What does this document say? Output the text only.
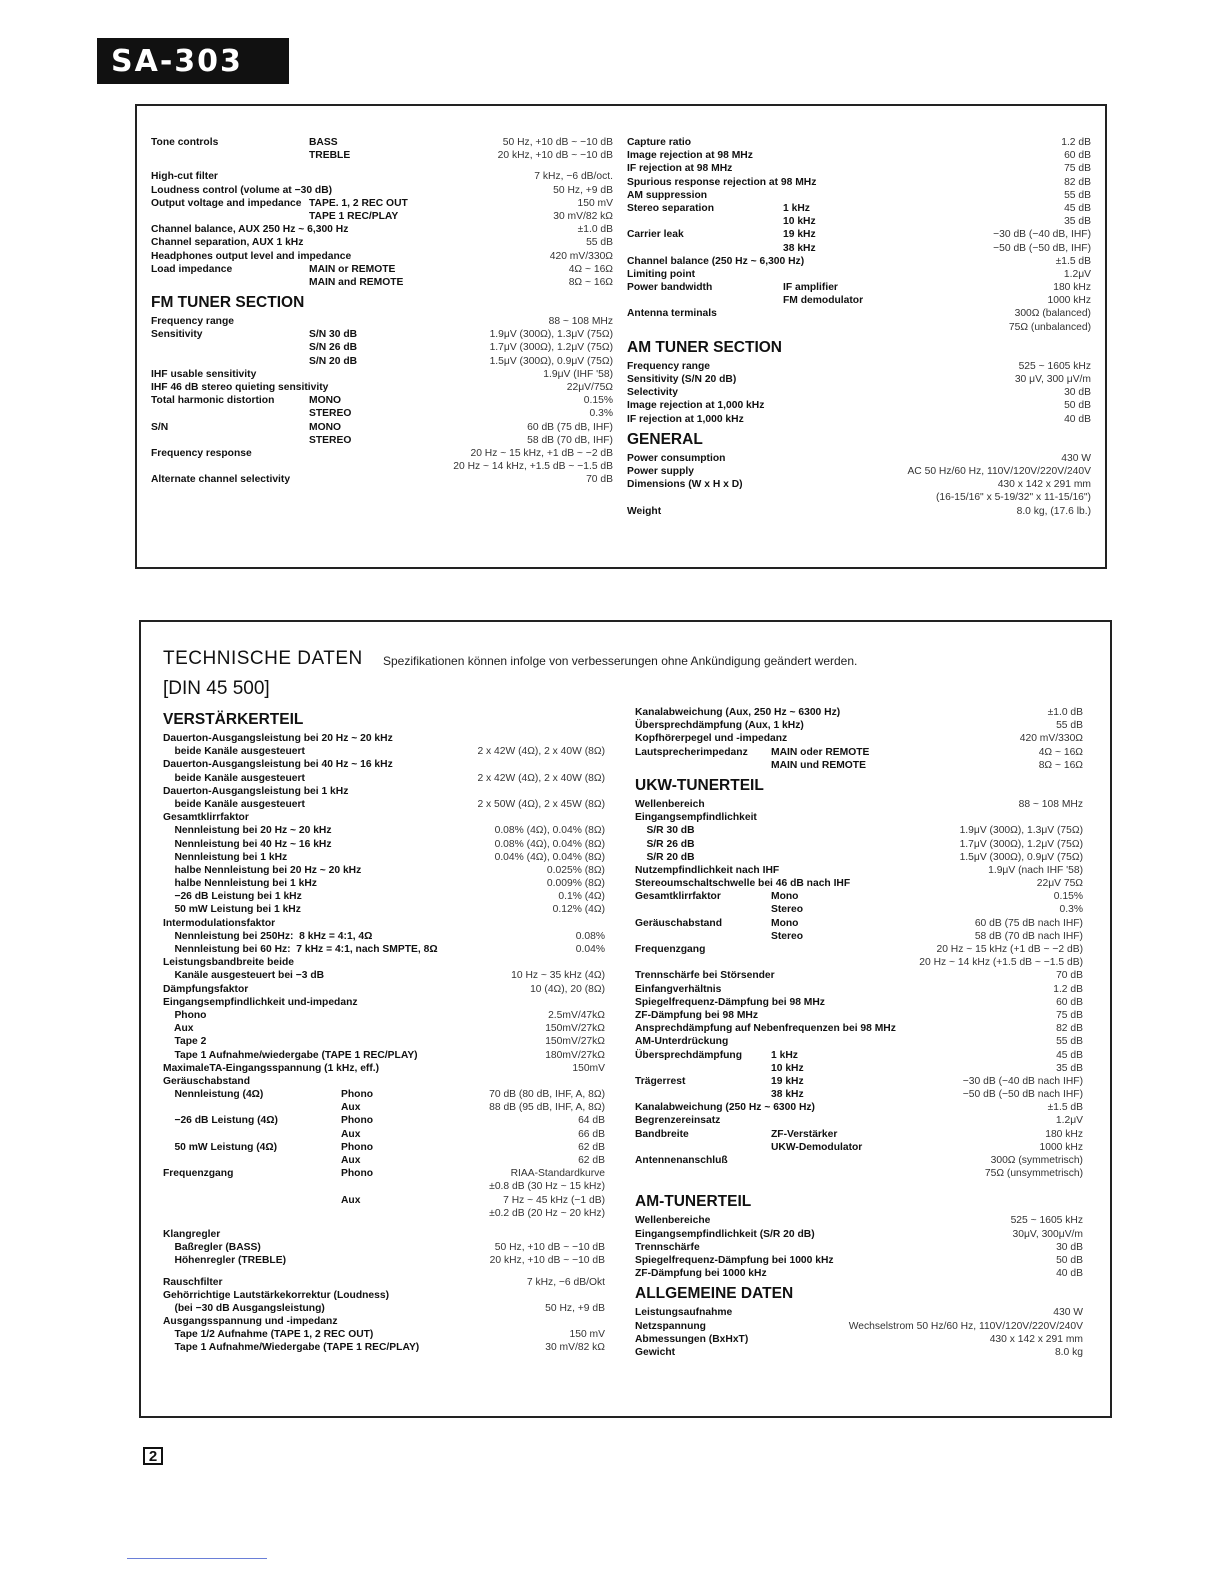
SA-303
Tone controls	BASS	50 Hz, +10 dB ~ −10 dB
TREBLE	20 kHz, +10 dB ~ −10 dB
High-cut filter	7 kHz, −6 dB/oct.
Loudness control (volume at −30 dB)	50 Hz, +9 dB
Output voltage and impedance TAPE. 1, 2 REC OUT	150 mV
TAPE 1 REC/PLAY	30 mV/82 kΩ
Channel balance, AUX 250 Hz ~ 6,300 Hz	±1.0 dB
Channel separation, AUX 1 kHz	55 dB
Headphones output level and impedance	420 mV/330Ω
Load impedance	MAIN or REMOTE	4Ω ~ 16Ω
MAIN and REMOTE	8Ω ~ 16Ω
FM TUNER SECTION
Frequency range	88 ~ 108 MHz
Sensitivity	S/N 30 dB	1.9μV (300Ω), 1.3μV (75Ω)
S/N 26 dB	1.7μV (300Ω), 1.2μV (75Ω)
S/N 20 dB	1.5μV (300Ω), 0.9μV (75Ω)
IHF usable sensitivity	1.9μV (IHF '58)
IHF 46 dB stereo quieting sensitivity	22μV/75Ω
Total harmonic distortion	MONO	0.15%
STEREO	0.3%
S/N	MONO	60 dB (75 dB, IHF)
STEREO	58 dB (70 dB, IHF)
Frequency response	20 Hz ~ 15 kHz, +1 dB ~ −2 dB
20 Hz ~ 14 kHz, +1.5 dB ~ −1.5 dB
Alternate channel selectivity	70 dB
Capture ratio	1.2 dB
Image rejection at 98 MHz	60 dB
IF rejection at 98 MHz	75 dB
Spurious response rejection at 98 MHz	82 dB
AM suppression	55 dB
Stereo separation	1 kHz	45 dB
10 kHz	35 dB
Carrier leak	19 kHz	−30 dB (−40 dB, IHF)
38 kHz	−50 dB (−50 dB, IHF)
Channel balance (250 Hz ~ 6,300 Hz)	±1.5 dB
Limiting point	1.2μV
Power bandwidth	IF amplifier	180 kHz
FM demodulator	1000 kHz
Antenna terminals	300Ω (balanced)
75Ω (unbalanced)
AM TUNER SECTION
Frequency range	525 ~ 1605 kHz
Sensitivity (S/N 20 dB)	30 μV, 300 μV/m
Selectivity	30 dB
Image rejection at 1,000 kHz	50 dB
IF rejection at 1,000 kHz	40 dB
GENERAL
Power consumption	430 W
Power supply	AC 50 Hz/60 Hz, 110V/120V/220V/240V
Dimensions (W x H x D)	430 x 142 x 291 mm
(16-15/16" x 5-19/32" x 11-15/16")
Weight	8.0 kg, (17.6 lb.)
TECHNISCHE DATEN Spezifikationen können infolge von verbesserungen ohne Ankündigung geändert werden.
[DIN 45 500]
VERSTÄRKERTEIL
Dauerton-Ausgangsleistung bei 20 Hz ~ 20 kHz
beide Kanäle ausgesteuert	2 x 42W (4Ω), 2 x 40W (8Ω)
Dauerton-Ausgangsleistung bei 40 Hz ~ 16 kHz
beide Kanäle ausgesteuert	2 x 42W (4Ω), 2 x 40W (8Ω)
Dauerton-Ausgangsleistung bei 1 kHz
beide Kanäle ausgesteuert	2 x 50W (4Ω), 2 x 45W (8Ω)
Gesamtklirrfaktor
Nennleistung bei 20 Hz ~ 20 kHz	0.08% (4Ω), 0.04% (8Ω)
Nennleistung bei 40 Hz ~ 16 kHz	0.08% (4Ω), 0.04% (8Ω)
Nennleistung bei 1 kHz	0.04% (4Ω), 0.04% (8Ω)
halbe Nennleistung bei 20 Hz ~ 20 kHz	0.025% (8Ω)
halbe Nennleistung bei 1 kHz	0.009% (8Ω)
−26 dB Leistung bei 1 kHz	0.1% (4Ω)
50 mW Leistung bei 1 kHz	0.12% (4Ω)
Intermodulationsfaktor
Nennleistung bei 250Hz:  8 kHz = 4:1, 4Ω	0.08%
Nennleistung bei 60 Hz:  7 kHz = 4:1, nach SMPTE, 8Ω	0.04%
Leistungsbandbreite beide
Kanäle ausgesteuert bei −3 dB	10 Hz ~ 35 kHz (4Ω)
Dämpfungsfaktor	10 (4Ω), 20 (8Ω)
Eingangsempfindlichkeit und-impedanz
Phono	2.5mV/47kΩ
Aux	150mV/27kΩ
Tape 2	150mV/27kΩ
Tape 1 Aufnahme/wiedergabe (TAPE 1 REC/PLAY)	180mV/27kΩ
MaximaleTA-Eingangsspannung (1 kHz, eff.)	150mV
Geräuschabstand
Nennleistung (4Ω)	Phono	70 dB (80 dB, IHF, A, 8Ω)
Aux	88 dB (95 dB, IHF, A, 8Ω)
−26 dB Leistung (4Ω)	Phono	64 dB
Aux	66 dB
50 mW Leistung (4Ω)	Phono	62 dB
Aux	62 dB
Frequenzgang	Phono	RIAA-Standardkurve
±0.8 dB (30 Hz ~ 15 kHz)
Aux	7 Hz ~ 45 kHz (−1 dB)
±0.2 dB (20 Hz ~ 20 kHz)
Klangregler
Baßregler (BASS)	50 Hz, +10 dB ~ −10 dB
Höhenregler (TREBLE)	20 kHz, +10 dB ~ −10 dB
Rauschfilter	7 kHz, −6 dB/Okt
Gehörrichtige Lautstärkekorrektur (Loudness)
(bei −30 dB Ausgangsleistung)	50 Hz, +9 dB
Ausgangsspannung und -impedanz
Tape 1/2 Aufnahme (TAPE 1, 2 REC OUT)	150 mV
Tape 1 Aufnahme/Wiedergabe (TAPE 1 REC/PLAY)	30 mV/82 kΩ
Kanalabweichung (Aux, 250 Hz ~ 6300 Hz)	±1.0 dB
Übersprechdämpfung (Aux, 1 kHz)	55 dB
Kopfhörerpegel und -impedanz	420 mV/330Ω
Lautsprecherimpedanz MAIN oder REMOTE	4Ω ~ 16Ω
MAIN und REMOTE	8Ω ~ 16Ω
UKW-TUNERTEIL
Wellenbereich	88 ~ 108 MHz
Eingangsempfindlichkeit
S/R 30 dB	1.9μV (300Ω), 1.3μV (75Ω)
S/R 26 dB	1.7μV (300Ω), 1.2μV (75Ω)
S/R 20 dB	1.5μV (300Ω), 0.9μV (75Ω)
Nutzempfindlichkeit nach IHF	1.9μV (nach IHF '58)
Stereoumschaltschwelle bei 46 dB nach IHF	22μV 75Ω
Gesamtklirrfaktor	Mono	0.15%
Stereo	0.3%
Geräuschabstand	Mono	60 dB (75 dB nach IHF)
Stereo	58 dB (70 dB nach IHF)
Frequenzgang	20 Hz ~ 15 kHz (+1 dB ~ −2 dB)
20 Hz ~ 14 kHz (+1.5 dB ~ −1.5 dB)
Trennschärfe bei Störsender	70 dB
Einfangverhältnis	1.2 dB
Spiegelfrequenz-Dämpfung bei 98 MHz	60 dB
ZF-Dämpfung bei 98 MHz	75 dB
Ansprechdämpfung auf Nebenfrequenzen bei 98 MHz	82 dB
AM-Unterdrückung	55 dB
Übersprechdämpfung	1 kHz	45 dB
10 kHz	35 dB
Trägerrest	19 kHz	−30 dB (−40 dB nach IHF)
38 kHz	−50 dB (−50 dB nach IHF)
Kanalabweichung (250 Hz ~ 6300 Hz)	±1.5 dB
Begrenzereinsatz	1.2μV
Bandbreite	ZF-Verstärker	180 kHz
UKW-Demodulator	1000 kHz
Antennenanschluß	300Ω (symmetrisch)
75Ω (unsymmetrisch)
AM-TUNERTEIL
Wellenbereiche	525 ~ 1605 kHz
Eingangsempfindlichkeit (S/R 20 dB)	30μV, 300μV/m
Trennschärfe	30 dB
Spiegelfrequenz-Dämpfung bei 1000 kHz	50 dB
ZF-Dämpfung bei 1000 kHz	40 dB
ALLGEMEINE DATEN
Leistungsaufnahme	430 W
Netzspannung	Wechselstrom 50 Hz/60 Hz, 110V/120V/220V/240V
Abmessungen (BxHxT)	430 x 142 x 291 mm
Gewicht	8.0 kg
2
